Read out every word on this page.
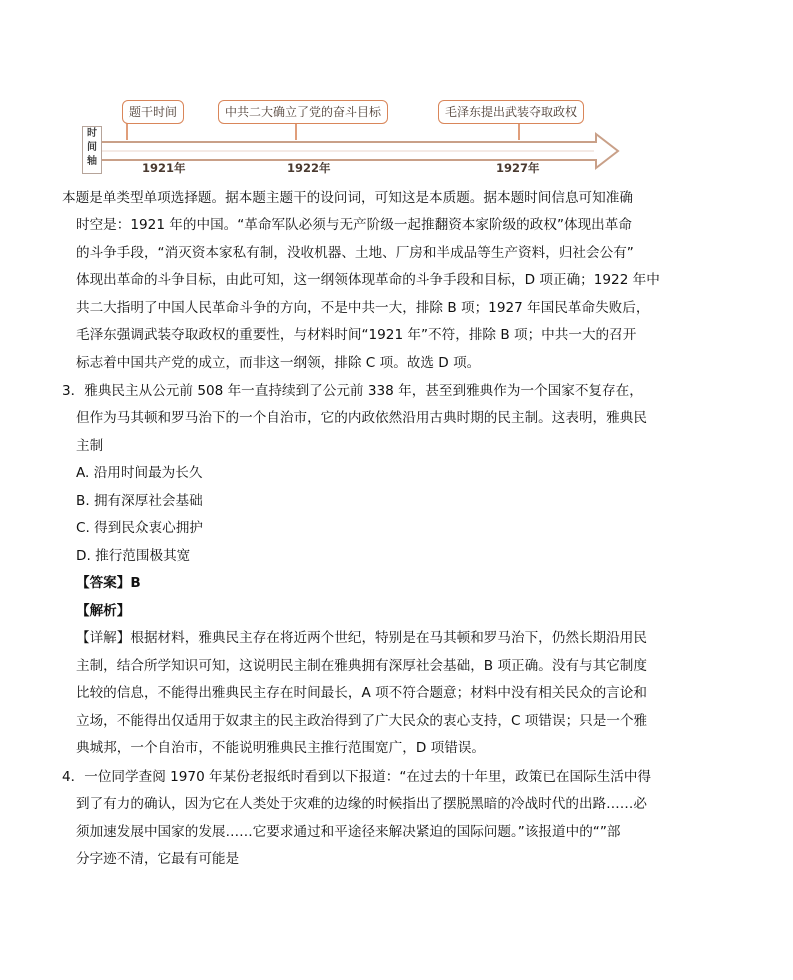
时
间
轴
题干时间	中共二大确立了党的奋斗目标	毛泽东提出武装夺取政权
1921年	1922年	1927年
本题是单类型单项选择题。据本题主题干的设问词，可知这是本质题。据本题时间信息可知准确
时空是：1921 年的中国。“革命军队必须与无产阶级一起推翻资本家阶级的政权”体现出革命
的斗争手段，“消灭资本家私有制，没收机器、土地、厂房和半成品等生产资料，归社会公有”
体现出革命的斗争目标，由此可知，这一纲领体现革命的斗争手段和目标，D 项正确；1922 年中
共二大指明了中国人民革命斗争的方向，不是中共一大，排除 B 项；1927 年国民革命失败后，
毛泽东强调武装夺取政权的重要性，与材料时间“1921 年”不符，排除 B 项；中共一大的召开
标志着中国共产党的成立，而非这一纲领，排除 C 项。故选 D 项。
3．雅典民主从公元前 508 年一直持续到了公元前 338 年，甚至到雅典作为一个国家不复存在，
但作为马其顿和罗马治下的一个自治市，它的内政依然沿用古典时期的民主制。这表明，雅典民
主制
A. 沿用时间最为长久
B. 拥有深厚社会基础
C. 得到民众衷心拥护
D. 推行范围极其宽
【答案】B
【解析】
【详解】根据材料，雅典民主存在将近两个世纪，特别是在马其顿和罗马治下，仍然长期沿用民
主制，结合所学知识可知，这说明民主制在雅典拥有深厚社会基础，B 项正确。没有与其它制度
比较的信息，不能得出雅典民主存在时间最长，A 项不符合题意；材料中没有相关民众的言论和
立场，不能得出仅适用于奴隶主的民主政治得到了广大民众的衷心支持，C 项错误；只是一个雅
典城邦，一个自治市，不能说明雅典民主推行范围宽广，D 项错误。
4．一位同学查阅 1970 年某份老报纸时看到以下报道：“在过去的十年里，政策已在国际生活中得
到了有力的确认，因为它在人类处于灾难的边缘的时候指出了摆脱黑暗的冷战时代的出路……必
须加速发展中国家的发展……它要求通过和平途径来解决紧迫的国际问题。”该报道中的“”部
分字迹不清，它最有可能是
